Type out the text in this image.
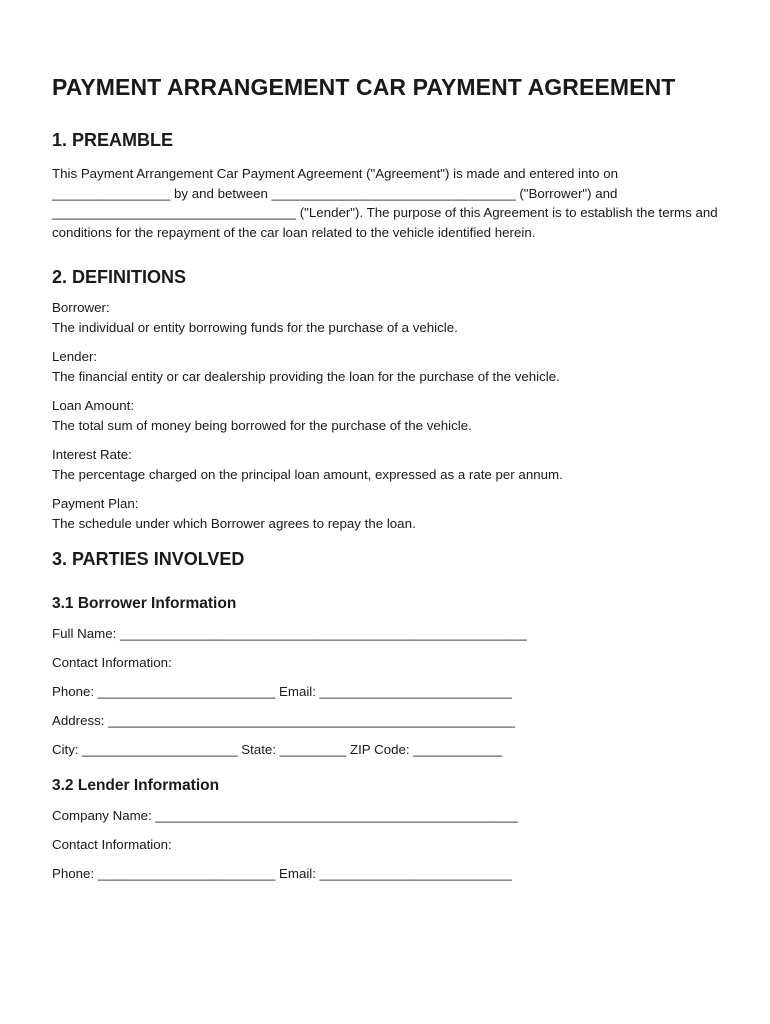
PAYMENT ARRANGEMENT CAR PAYMENT AGREEMENT
1. PREAMBLE

This Payment Arrangement Car Payment Agreement ("Agreement") is made and entered into on ________________ by and between _________________________________ ("Borrower") and _________________________________ ("Lender"). The purpose of this Agreement is to establish the terms and conditions for the repayment of the car loan related to the vehicle identified herein.

2. DEFINITIONS

Borrower:

The individual or entity borrowing funds for the purchase of a vehicle.

Lender:

The financial entity or car dealership providing the loan for the purchase of the vehicle.

Loan Amount:

The total sum of money being borrowed for the purchase of the vehicle.

Interest Rate:

The percentage charged on the principal loan amount, expressed as a rate per annum.

Payment Plan:

The schedule under which Borrower agrees to repay the loan.

3. PARTIES INVOLVED
3.1 Borrower Information
Full Name: _______________________________________________________
Contact Information:
Phone: ________________________ Email: __________________________
Address: _______________________________________________________
City: _____________________ State: _________ ZIP Code: ____________
3.2 Lender Information
Company Name: _________________________________________________
Contact Information:
Phone: ________________________ Email: __________________________
